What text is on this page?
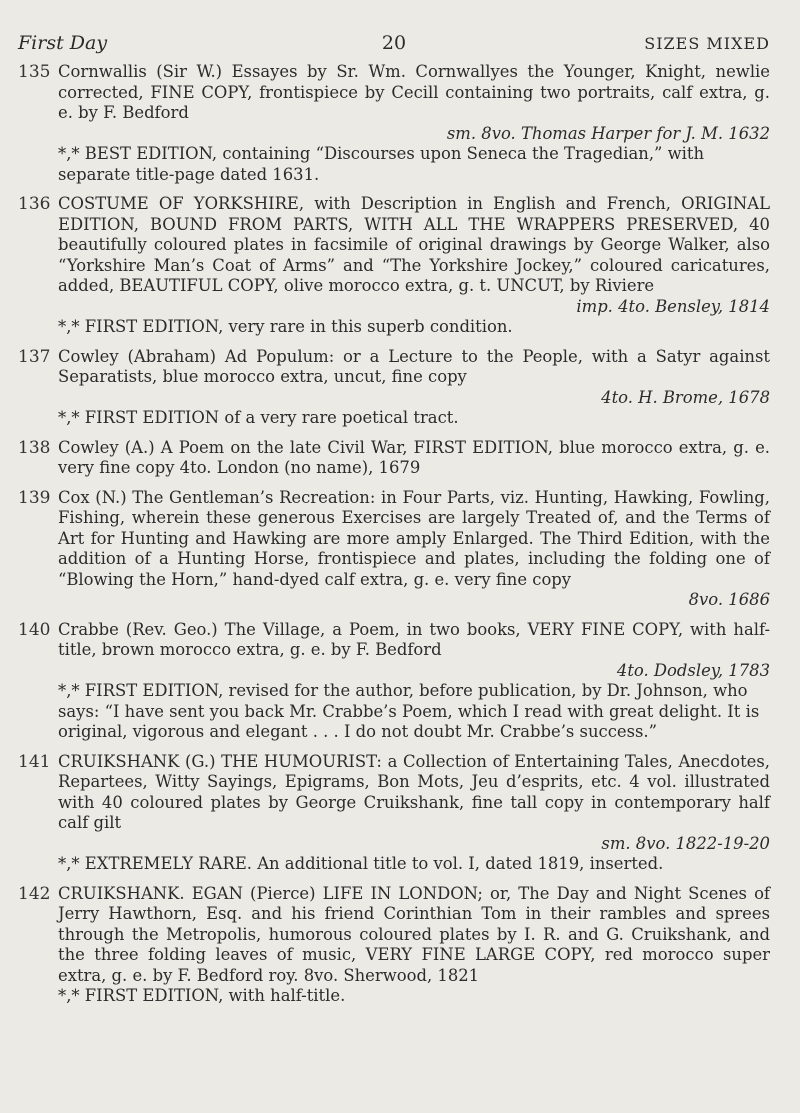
First Day	20	SIZES MIXED
135 Cornwallis (Sir W.) Essayes by Sr. Wm. Cornwallyes the Younger, Knight, newlie corrected, FINE COPY, frontispiece by Cecill containing two portraits, calf extra, g. e. by F. Bedford

sm. 8vo. Thomas Harper for J. M. 1632

*,* BEST EDITION, containing “Discourses upon Seneca the Tragedian,” with separate title-page dated 1631.

136 COSTUME OF YORKSHIRE, with Description in English and French, ORIGINAL EDITION, BOUND FROM PARTS, WITH ALL THE WRAPPERS PRESERVED, 40 beautifully coloured plates in facsimile of original drawings by George Walker, also “Yorkshire Man’s Coat of Arms” and “The Yorkshire Jockey,” coloured caricatures, added, BEAUTIFUL COPY, olive morocco extra, g. t. UNCUT, by Riviere

imp. 4to. Bensley, 1814

*,* FIRST EDITION, very rare in this superb condition.

137 Cowley (Abraham) Ad Populum: or a Lecture to the People, with a Satyr against Separatists, blue morocco extra, uncut, fine copy

4to. H. Brome, 1678

*,* FIRST EDITION of a very rare poetical tract.

138 Cowley (A.) A Poem on the late Civil War, FIRST EDITION, blue morocco extra, g. e. very fine copy 4to. London (no name), 1679

139 Cox (N.) The Gentleman’s Recreation: in Four Parts, viz. Hunting, Hawking, Fowling, Fishing, wherein these generous Exercises are largely Treated of, and the Terms of Art for Hunting and Hawking are more amply Enlarged. The Third Edition, with the addition of a Hunting Horse, frontispiece and plates, including the folding one of “Blowing the Horn,” hand-dyed calf extra, g. e. very fine copy

8vo. 1686

140 Crabbe (Rev. Geo.) The Village, a Poem, in two books, VERY FINE COPY, with half-title, brown morocco extra, g. e. by F. Bedford

4to. Dodsley, 1783

*,* FIRST EDITION, revised for the author, before publication, by Dr. Johnson, who says: “I have sent you back Mr. Crabbe’s Poem, which I read with great delight. It is original, vigorous and elegant . . . I do not doubt Mr. Crabbe’s success.”

141 CRUIKSHANK (G.) THE HUMOURIST: a Collection of Entertaining Tales, Anecdotes, Repartees, Witty Sayings, Epigrams, Bon Mots, Jeu d’esprits, etc. 4 vol. illustrated with 40 coloured plates by George Cruikshank, fine tall copy in contemporary half calf gilt

sm. 8vo. 1822-19-20

*,* EXTREMELY RARE. An additional title to vol. I, dated 1819, inserted.

142 CRUIKSHANK. EGAN (Pierce) LIFE IN LONDON; or, The Day and Night Scenes of Jerry Hawthorn, Esq. and his friend Corinthian Tom in their rambles and sprees through the Metropolis, humorous coloured plates by I. R. and G. Cruikshank, and the three folding leaves of music, VERY FINE LARGE COPY, red morocco super extra, g. e. by F. Bedford roy. 8vo. Sherwood, 1821

*,* FIRST EDITION, with half-title.
